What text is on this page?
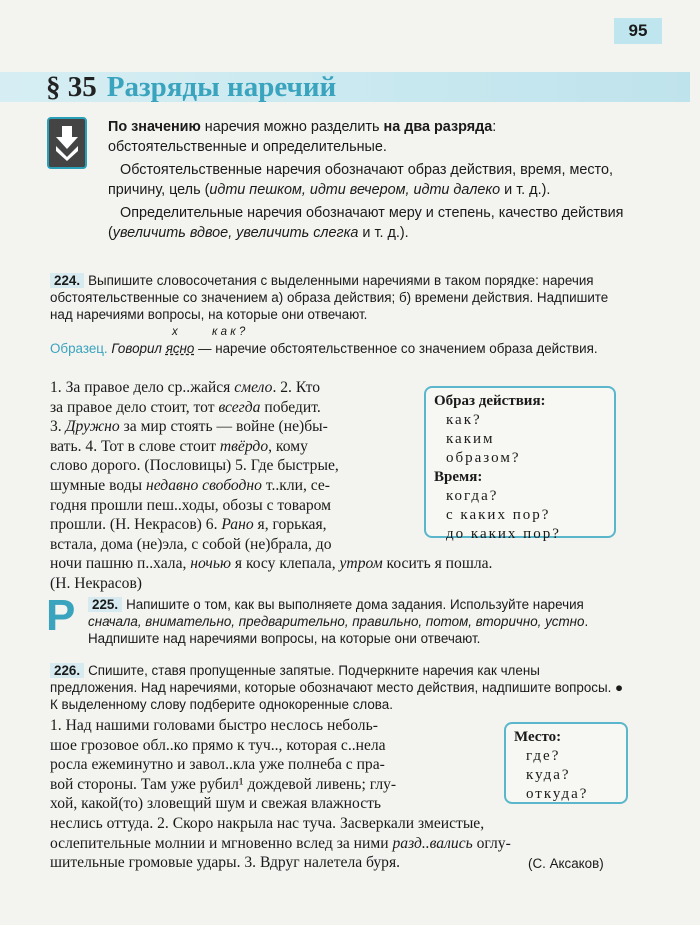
95
§ 35 Разряды наречий

По значению наречия можно разделить на два разряда: обстоятельственные и определительные.

Обстоятельственные наречия обозначают образ действия, время, место, причину, цель (идти пешком, идти вечером, идти далеко и т. д.).

Определительные наречия обозначают меру и степень, качество действия (увеличить вдвое, увеличить слегка и т. д.).

224. Выпишите словосочетания с выделенными наречиями в таком порядке: наречия обстоятельственные со значением а) образа действия; б) времени действия. Надпишите над наречиями вопросы, на которые они отвечают.
х	к а к ?
Образец. Говорил ясно — наречие обстоятельственное со значением образа действия.
1. За правое дело ср..жайся смело. 2. Кто
за правое дело стоит, тот всегда победит.
3. Дружно за мир стоять — войне (не)бы-
вать. 4. Тот в слове стоит твёрдо, кому
слово дорого. (Пословицы) 5. Где быстрые,
шумные воды недавно свободно т..кли, се-
годня прошли пеш..ходы, обозы с товаром
прошли. (Н. Некрасов) 6. Рано я, горькая,
встала, дома (не)эла, с собой (не)брала, до
ночи пашню п..хала, ночью я косу клепала, утром косить я пошла.
(Н. Некрасов)
Образ действия:
как?
каким
образом?
Время:
когда?
с каких пор?
до каких пор?
Р 225. Напишите о том, как вы выполняете дома задания. Используйте наречия сначала, внимательно, предварительно, правильно, потом, вторично, устно. Надпишите над наречиями вопросы, на которые они отвечают.
226. Спишите, ставя пропущенные запятые. Подчеркните наречия как члены предложения. Над наречиями, которые обозначают место действия, надпишите вопросы. ● К выделенному слову подберите однокоренные слова.
1. Над нашими головами быстро неслось неболь-
шое грозовое обл..ко прямо к туч.., которая с..нела
росла ежеминутно и завол..кла уже полнеба с пра-
вой стороны. Там уже рубил¹ дождевой ливень; глу-
хой, какой(то) зловещий шум и свежая влажность
неслись оттуда. 2. Скоро накрыла нас туча. Засверкали змеистые,
ослепительные молнии и мгновенно вслед за ними разд..вались оглу-
шительные громовые удары. 3. Вдруг налетела буря.
Место:
где?
куда?
откуда?
(С. Аксаков)
